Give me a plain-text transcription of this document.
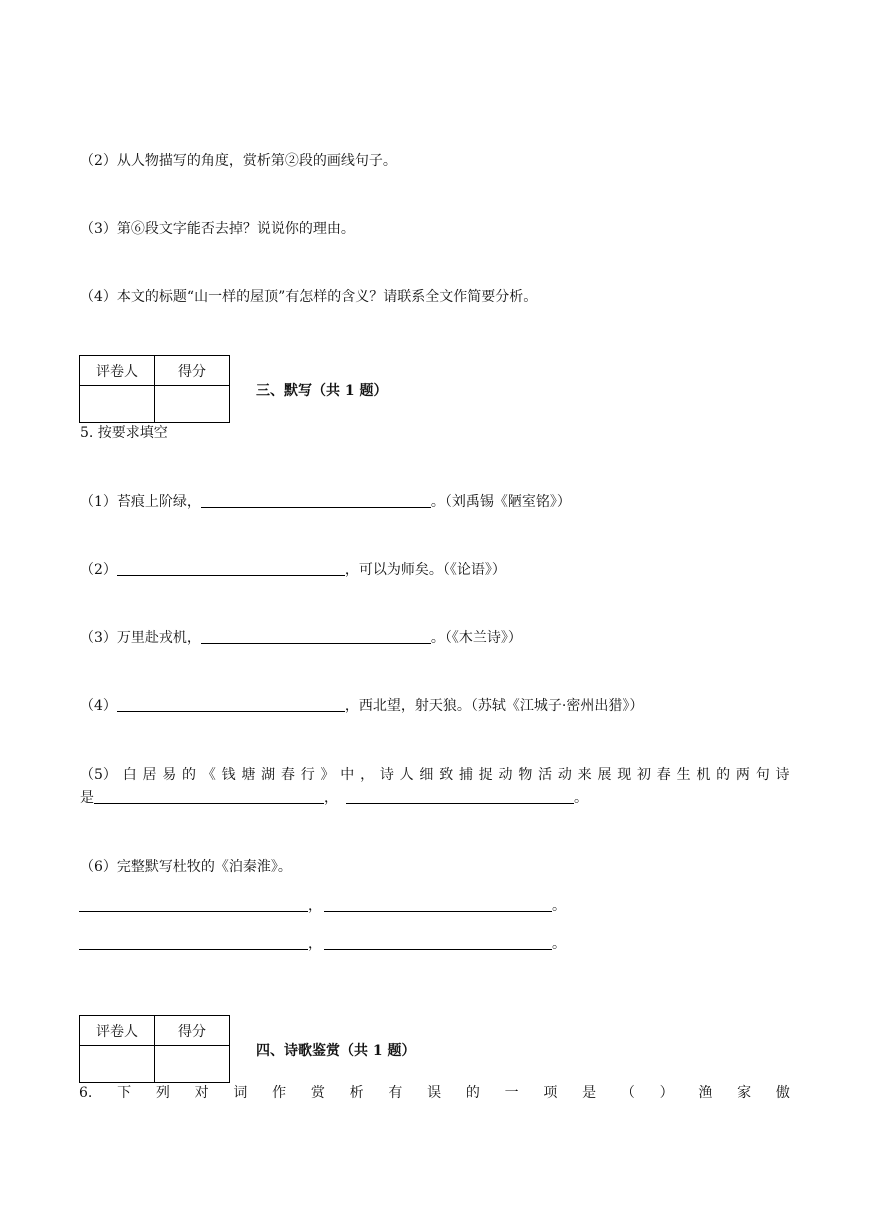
（2）从人物描写的角度，赏析第②段的画线句子。
（3）第⑥段文字能否去掉？说说你的理由。
（4）本文的标题“山一样的屋顶”有怎样的含义？请联系全文作简要分析。
评卷人	得分

三、默写（共 1 题）
5. 按要求填空
（1）苔痕上阶绿，	。（刘禹锡《陋室铭》）
（2）	，可以为师矣。（《论语》）
（3）万里赴戎机，	。（《木兰诗》）
（4）	，西北望，射天狼。（苏轼《江城子·密州出猎》）
（5） 白 居 易 的 《 钱 塘 湖 春 行 》 中 ， 诗 人 细 致 捕 捉 动 物 活 动 来 展 现 初 春 生 机 的 两 句 诗
是	，	。
（6）完整默写杜牧的《泊秦淮》。
，	。
，	。
评卷人	得分

四、诗歌鉴赏（共 1 题）
6. 下 列 对 词 作 赏 析 有 误 的 一 项 是 （ ） 渔 家 傲
